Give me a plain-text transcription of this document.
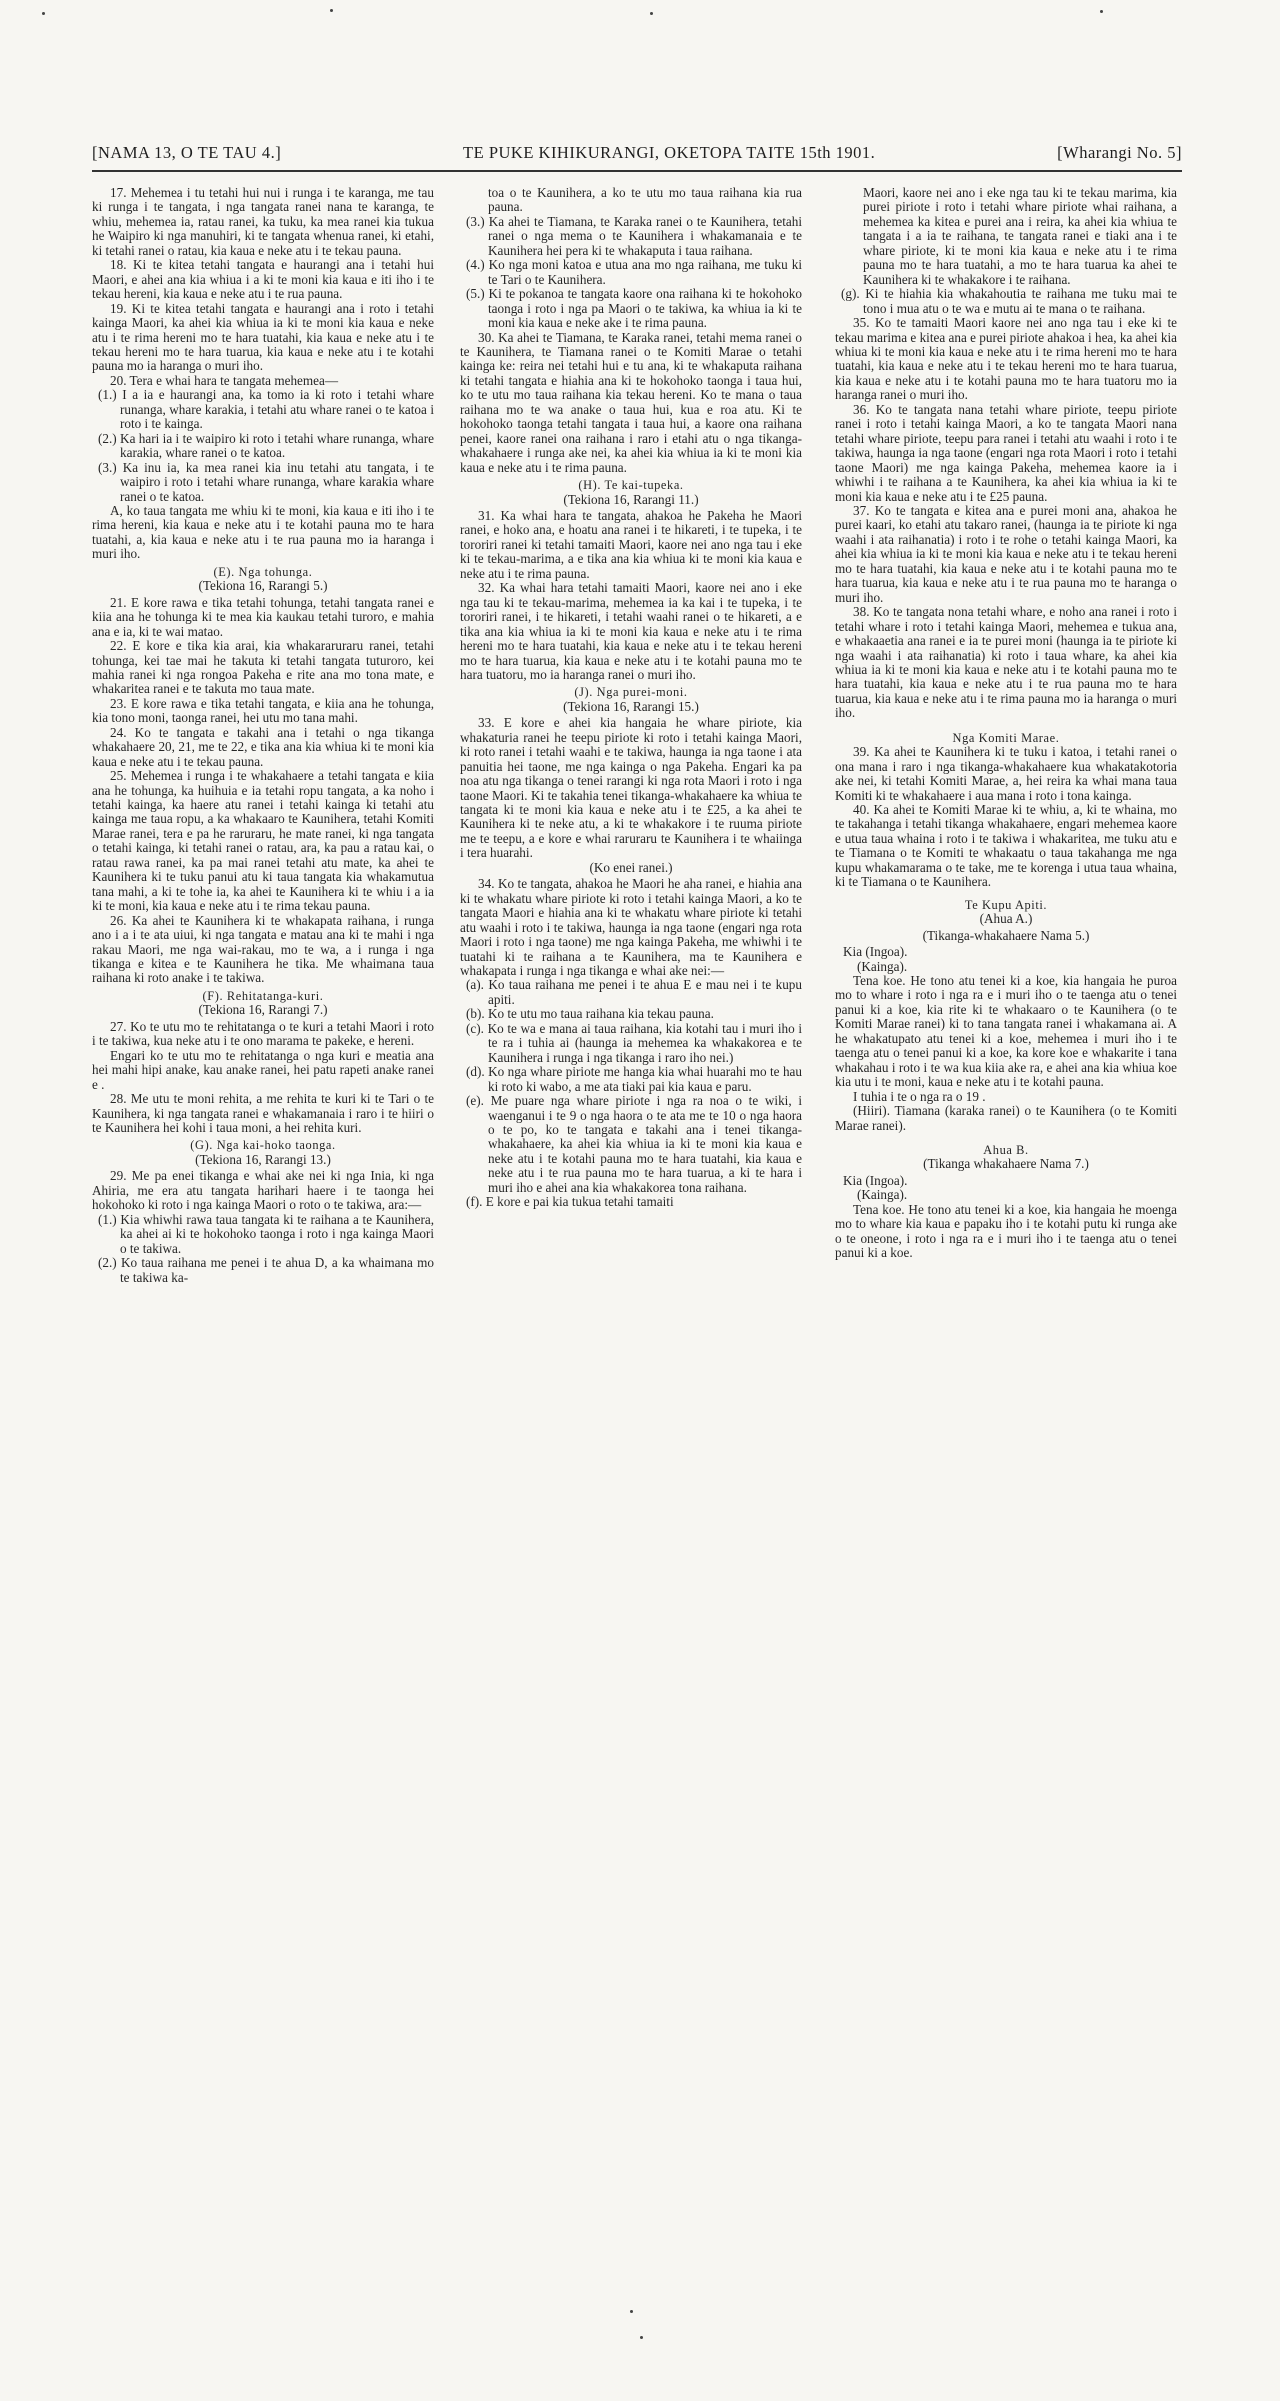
[NAMA 13, O TE TAU 4.]	TE PUKE KIHIKURANGI, OKETOPA TAITE 15th 1901.	[Wharangi No. 5]

17. Mehemea i tu tetahi hui nui i runga i te karanga, me tau ki runga i te tangata, i nga tangata ranei nana te karanga, te whiu, mehemea ia, ratau ranei, ka tuku, ka mea ranei kia tukua he Waipiro ki nga manuhiri, ki te tangata whenua ranei, ki etahi, ki tetahi ranei o ratau, kia kaua e neke atu i te tekau pauna.

18. Ki te kitea tetahi tangata e haurangi ana i tetahi hui Maori, e ahei ana kia whiua i a ki te moni kia kaua e iti iho i te tekau hereni, kia kaua e neke atu i te rua pauna.

19. Ki te kitea tetahi tangata e haurangi ana i roto i tetahi kainga Maori, ka ahei kia whiua ia ki te moni kia kaua e neke atu i te rima hereni mo te hara tuatahi, kia kaua e neke atu i te tekau hereni mo te hara tuarua, kia kaua e neke atu i te kotahi pauna mo ia haranga o muri iho.

20. Tera e whai hara te tangata mehemea—

(1.) I a ia e haurangi ana, ka tomo ia ki roto i tetahi whare runanga, whare karakia, i tetahi atu whare ranei o te katoa i roto i te kainga.
(2.) Ka hari ia i te waipiro ki roto i tetahi whare runanga, whare karakia, whare ranei o te katoa.
(3.) Ka inu ia, ka mea ranei kia inu tetahi atu tangata, i te waipiro i roto i tetahi whare runanga, whare karakia whare ranei o te katoa.

A, ko taua tangata me whiu ki te moni, kia kaua e iti iho i te rima hereni, kia kaua e neke atu i te kotahi pauna mo te hara tuatahi, a, kia kaua e neke atu i te rua pauna mo ia haranga i muri iho.

(E). Nga tohunga.
(Tekiona 16, Rarangi 5.)

21. E kore rawa e tika tetahi tohunga, tetahi tangata ranei e kiia ana he tohunga ki te mea kia kaukau tetahi turoro, e mahia ana e ia, ki te wai matao.

22. E kore e tika kia arai, kia whakararuraru ranei, tetahi tohunga, kei tae mai he takuta ki tetahi tangata tuturoro, kei mahia ranei ki nga rongoa Pakeha e rite ana mo tona mate, e whakaritea ranei e te takuta mo taua mate.

23. E kore rawa e tika tetahi tangata, e kiia ana he tohunga, kia tono moni, taonga ranei, hei utu mo tana mahi.

24. Ko te tangata e takahi ana i tetahi o nga tikanga whakahaere 20, 21, me te 22, e tika ana kia whiua ki te moni kia kaua e neke atu i te tekau pauna.

25. Mehemea i runga i te whakahaere a tetahi tangata e kiia ana he tohunga, ka huihuia e ia tetahi ropu tangata, a ka noho i tetahi kainga, ka haere atu ranei i tetahi kainga ki tetahi atu kainga me taua ropu, a ka whakaaro te Kaunihera, tetahi Komiti Marae ranei, tera e pa he raruraru, he mate ranei, ki nga tangata o tetahi kainga, ki tetahi ranei o ratau, ara, ka pau a ratau kai, o ratau rawa ranei, ka pa mai ranei tetahi atu mate, ka ahei te Kaunihera ki te tuku panui atu ki taua tangata kia whakamutua tana mahi, a ki te tohe ia, ka ahei te Kaunihera ki te whiu i a ia ki te moni, kia kaua e neke atu i te rima tekau pauna.

26. Ka ahei te Kaunihera ki te whakapata raihana, i runga ano i a i te ata uiui, ki nga tangata e matau ana ki te mahi i nga rakau Maori, me nga wai-rakau, mo te wa, a i runga i nga tikanga e kitea e te Kaunihera he tika. Me whaimana taua raihana ki roto anake i te takiwa.

(F). Rehitatanga-kuri.
(Tekiona 16, Rarangi 7.)

27. Ko te utu mo te rehitatanga o te kuri a tetahi Maori i roto i te takiwa, kua neke atu i te ono marama te pakeke, e hereni.

Engari ko te utu mo te rehitatanga o nga kuri e meatia ana hei mahi hipi anake, kau anake ranei, hei patu rapeti anake ranei e .

28. Me utu te moni rehita, a me rehita te kuri ki te Tari o te Kaunihera, ki nga tangata ranei e whakamanaia i raro i te hiiri o te Kaunihera hei kohi i taua moni, a hei rehita kuri.

(G). Nga kai-hoko taonga.
(Tekiona 16, Rarangi 13.)

29. Me pa enei tikanga e whai ake nei ki nga Inia, ki nga Ahiria, me era atu tangata harihari haere i te taonga hei hokohoko ki roto i nga kainga Maori o roto o te takiwa, ara:—

(1.) Kia whiwhi rawa taua tangata ki te raihana a te Kaunihera, ka ahei ai ki te hokohoko taonga i roto i nga kainga Maori o te takiwa.
(2.) Ko taua raihana me penei i te ahua D, a ka whaimana mo te takiwa ka-
toa o te Kaunihera, a ko te utu mo taua raihana kia rua pauna.
(3.) Ka ahei te Tiamana, te Karaka ranei o te Kaunihera, tetahi ranei o nga mema o te Kaunihera i whakamanaia e te Kaunihera hei pera ki te whakaputa i taua raihana.
(4.) Ko nga moni katoa e utua ana mo nga raihana, me tuku ki te Tari o te Kaunihera.
(5.) Ki te pokanoa te tangata kaore ona raihana ki te hokohoko taonga i roto i nga pa Maori o te takiwa, ka whiua ia ki te moni kia kaua e neke ake i te rima pauna.

30. Ka ahei te Tiamana, te Karaka ranei, tetahi mema ranei o te Kaunihera, te Tiamana ranei o te Komiti Marae o tetahi kainga ke: reira nei tetahi hui e tu ana, ki te whakaputa raihana ki tetahi tangata e hiahia ana ki te hokohoko taonga i taua hui, ko te utu mo taua raihana kia tekau hereni. Ko te mana o taua raihana mo te wa anake o taua hui, kua e roa atu. Ki te hokohoko taonga tetahi tangata i taua hui, a kaore ona raihana penei, kaore ranei ona raihana i raro i etahi atu o nga tikanga-whakahaere i runga ake nei, ka ahei kia whiua ia ki te moni kia kaua e neke atu i te rima pauna.

(H). Te kai-tupeka.
(Tekiona 16, Rarangi 11.)

31. Ka whai hara te tangata, ahakoa he Pakeha he Maori ranei, e hoko ana, e hoatu ana ranei i te hikareti, i te tupeka, i te tororiri ranei ki tetahi tamaiti Maori, kaore nei ano nga tau i eke ki te tekau-marima, a e tika ana kia whiua ki te moni kia kaua e neke atu i te rima pauna.

32. Ka whai hara tetahi tamaiti Maori, kaore nei ano i eke nga tau ki te tekau-marima, mehemea ia ka kai i te tupeka, i te tororiri ranei, i te hikareti, i tetahi waahi ranei o te hikareti, a e tika ana kia whiua ia ki te moni kia kaua e neke atu i te rima hereni mo te hara tuatahi, kia kaua e neke atu i te tekau hereni mo te hara tuarua, kia kaua e neke atu i te kotahi pauna mo te hara tuatoru, mo ia haranga ranei o muri iho.

(J). Nga purei-moni.
(Tekiona 16, Rarangi 15.)

33. E kore e ahei kia hangaia he whare piriote, kia whakaturia ranei he teepu piriote ki roto i tetahi kainga Maori, ki roto ranei i tetahi waahi e te takiwa, haunga ia nga taone i ata panuitia hei taone, me nga kainga o nga Pakeha. Engari ka pa noa atu nga tikanga o tenei rarangi ki nga rota Maori i roto i nga taone Maori. Ki te takahia tenei tikanga-whakahaere ka whiua te tangata ki te moni kia kaua e neke atu i te £25, a ka ahei te Kaunihera ki te neke atu, a ki te whakakore i te ruuma piriote me te teepu, a e kore e whai raruraru te Kaunihera i te whaiinga i tera huarahi.

(Ko enei ranei.)

34. Ko te tangata, ahakoa he Maori he aha ranei, e hiahia ana ki te whakatu whare piriote ki roto i tetahi kainga Maori, a ko te tangata Maori e hiahia ana ki te whakatu whare piriote ki tetahi atu waahi i roto i te takiwa, haunga ia nga taone (engari nga rota Maori i roto i nga taone) me nga kainga Pakeha, me whiwhi i te tuatahi ki te raihana a te Kaunihera, ma te Kaunihera e whakapata i runga i nga tikanga e whai ake nei:—

(a). Ko taua raihana me penei i te ahua E e mau nei i te kupu apiti.
(b). Ko te utu mo taua raihana kia tekau pauna.
(c). Ko te wa e mana ai taua raihana, kia kotahi tau i muri iho i te ra i tuhia ai (haunga ia mehemea ka whakakorea e te Kaunihera i runga i nga tikanga i raro iho nei.)
(d). Ko nga whare piriote me hanga kia whai huarahi mo te hau ki roto ki wabo, a me ata tiaki pai kia kaua e paru.
(e). Me puare nga whare piriote i nga ra noa o te wiki, i waenganui i te 9 o nga haora o te ata me te 10 o nga haora o te po, ko te tangata e takahi ana i tenei tikanga-whakahaere, ka ahei kia whiua ia ki te moni kia kaua e neke atu i te kotahi pauna mo te hara tuatahi, kia kaua e neke atu i te rua pauna mo te hara tuarua, a ki te hara i muri iho e ahei ana kia whakakorea tona raihana.
(f). E kore e pai kia tukua tetahi tamaiti
Maori, kaore nei ano i eke nga tau ki te tekau marima, kia purei piriote i roto i tetahi whare piriote whai raihana, a mehemea ka kitea e purei ana i reira, ka ahei kia whiua te tangata i a ia te raihana, te tangata ranei e tiaki ana i te whare piriote, ki te moni kia kaua e neke atu i te rima pauna mo te hara tuatahi, a mo te hara tuarua ka ahei te Kaunihera ki te whakakore i te raihana.
(g). Ki te hiahia kia whakahoutia te raihana me tuku mai te tono i mua atu o te wa e mutu ai te mana o te raihana.

35. Ko te tamaiti Maori kaore nei ano nga tau i eke ki te tekau marima e kitea ana e purei piriote ahakoa i hea, ka ahei kia whiua ki te moni kia kaua e neke atu i te rima hereni mo te hara tuatahi, kia kaua e neke atu i te tekau hereni mo te hara tuarua, kia kaua e neke atu i te kotahi pauna mo te hara tuatoru mo ia haranga ranei o muri iho.

36. Ko te tangata nana tetahi whare piriote, teepu piriote ranei i roto i tetahi kainga Maori, a ko te tangata Maori nana tetahi whare piriote, teepu para ranei i tetahi atu waahi i roto i te takiwa, haunga ia nga taone (engari nga rota Maori i roto i tetahi taone Maori) me nga kainga Pakeha, mehemea kaore ia i whiwhi i te raihana a te Kaunihera, ka ahei kia whiua ia ki te moni kia kaua e neke atu i te £25 pauna.

37. Ko te tangata e kitea ana e purei moni ana, ahakoa he purei kaari, ko etahi atu takaro ranei, (haunga ia te piriote ki nga waahi i ata raihanatia) i roto i te rohe o tetahi kainga Maori, ka ahei kia whiua ia ki te moni kia kaua e neke atu i te tekau hereni mo te hara tuatahi, kia kaua e neke atu i te kotahi pauna mo te hara tuarua, kia kaua e neke atu i te rua pauna mo te haranga o muri iho.

38. Ko te tangata nona tetahi whare, e noho ana ranei i roto i tetahi whare i roto i tetahi kainga Maori, mehemea e tukua ana, e whakaaetia ana ranei e ia te purei moni (haunga ia te piriote ki nga waahi i ata raihanatia) ki roto i taua whare, ka ahei kia whiua ia ki te moni kia kaua e neke atu i te kotahi pauna mo te hara tuatahi, kia kaua e neke atu i te rua pauna mo te hara tuarua, kia kaua e neke atu i te rima pauna mo ia haranga o muri iho.

Nga Komiti Marae.

39. Ka ahei te Kaunihera ki te tuku i katoa, i tetahi ranei o ona mana i raro i nga tikanga-whakahaere kua whakatakotoria ake nei, ki tetahi Komiti Marae, a, hei reira ka whai mana taua Komiti ki te whakahaere i aua mana i roto i tona kainga.

40. Ka ahei te Komiti Marae ki te whiu, a, ki te whaina, mo te takahanga i tetahi tikanga whakahaere, engari mehemea kaore e utua taua whaina i roto i te takiwa i whakaritea, me tuku atu e te Tiamana o te Komiti te whakaatu o taua takahanga me nga kupu whakamarama o te take, me te korenga i utua taua whaina, ki te Tiamana o te Kaunihera.

Te Kupu Apiti.
(Ahua A.)
(Tikanga-whakahaere Nama 5.)
Kia (Ingoa).
(Kainga).

Tena koe. He tono atu tenei ki a koe, kia hangaia he puroa mo to whare i roto i nga ra e i muri iho o te taenga atu o tenei panui ki a koe, kia rite ki te whakaaro o te Kaunihera (o te Komiti Marae ranei) ki to tana tangata ranei i whakamana ai. A he whakatupato atu tenei ki a koe, mehemea i muri iho i te taenga atu o tenei panui ki a koe, ka kore koe e whakarite i tana whakahau i roto i te wa kua kiia ake ra, e ahei ana kia whiua koe kia utu i te moni, kaua e neke atu i te kotahi pauna.

I tuhia i te o nga ra o 19 .

(Hiiri). Tiamana (karaka ranei) o te Kaunihera (o te Komiti Marae ranei).

Ahua B.
(Tikanga whakahaere Nama 7.)
Kia (Ingoa).
(Kainga).

Tena koe. He tono atu tenei ki a koe, kia hangaia he moenga mo to whare kia kaua e papaku iho i te kotahi putu ki runga ake o te oneone, i roto i nga ra e i muri iho i te taenga atu o tenei panui ki a koe.
